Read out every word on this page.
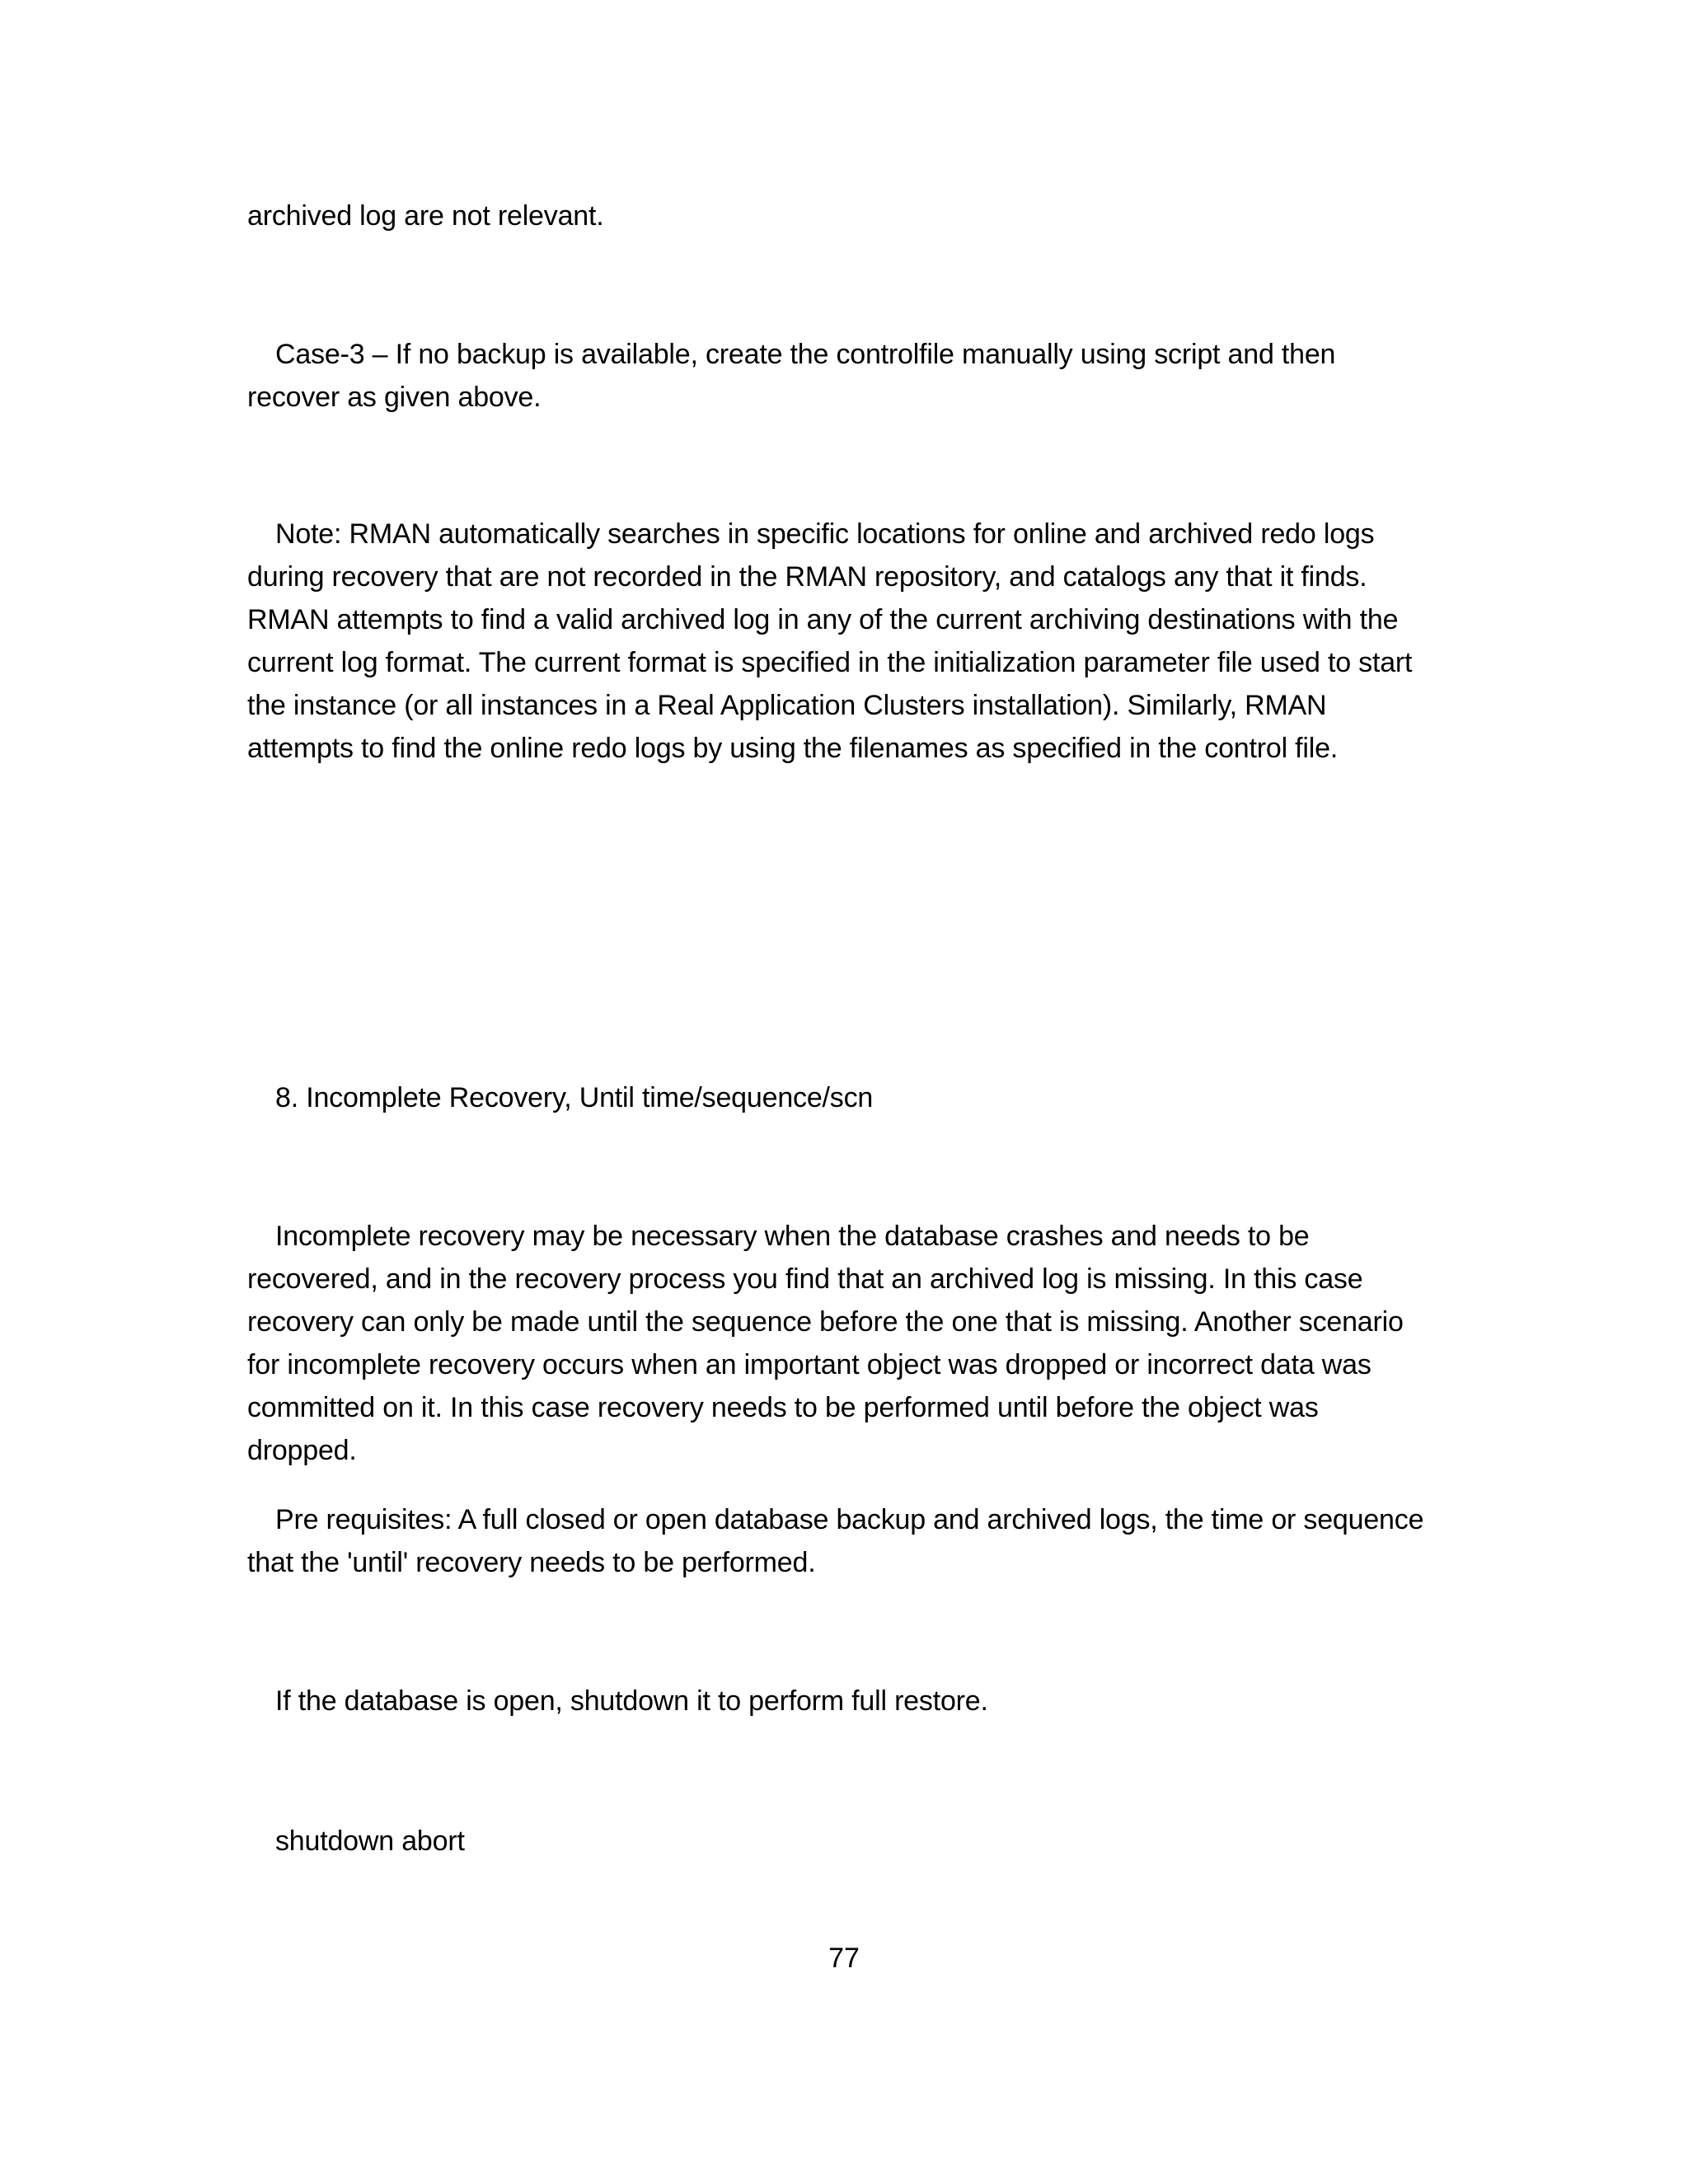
archived log are not relevant.

Case-3 – If no backup is available, create the controlfile manually using script and then recover as given above.

Note: RMAN automatically searches in specific locations for online and archived redo logs during recovery that are not recorded in the RMAN repository, and catalogs any that it finds. RMAN attempts to find a valid archived log in any of the current archiving destinations with the current log format. The current format is specified in the initialization parameter file used to start the instance (or all instances in a Real Application Clusters installation). Similarly, RMAN attempts to find the online redo logs by using the filenames as specified in the control file.

8. Incomplete Recovery, Until time/sequence/scn

Incomplete recovery may be necessary when the database crashes and needs to be recovered, and in the recovery process you find that an archived log is missing. In this case recovery can only be made until the sequence before the one that is missing. Another scenario for incomplete recovery occurs when an important object was dropped or incorrect data was committed on it. In this case recovery needs to be performed until before the object was dropped.

Pre requisites: A full closed or open database backup and archived logs, the time or sequence that the 'until' recovery needs to be performed.

If the database is open, shutdown it to perform full restore.

shutdown abort

77
